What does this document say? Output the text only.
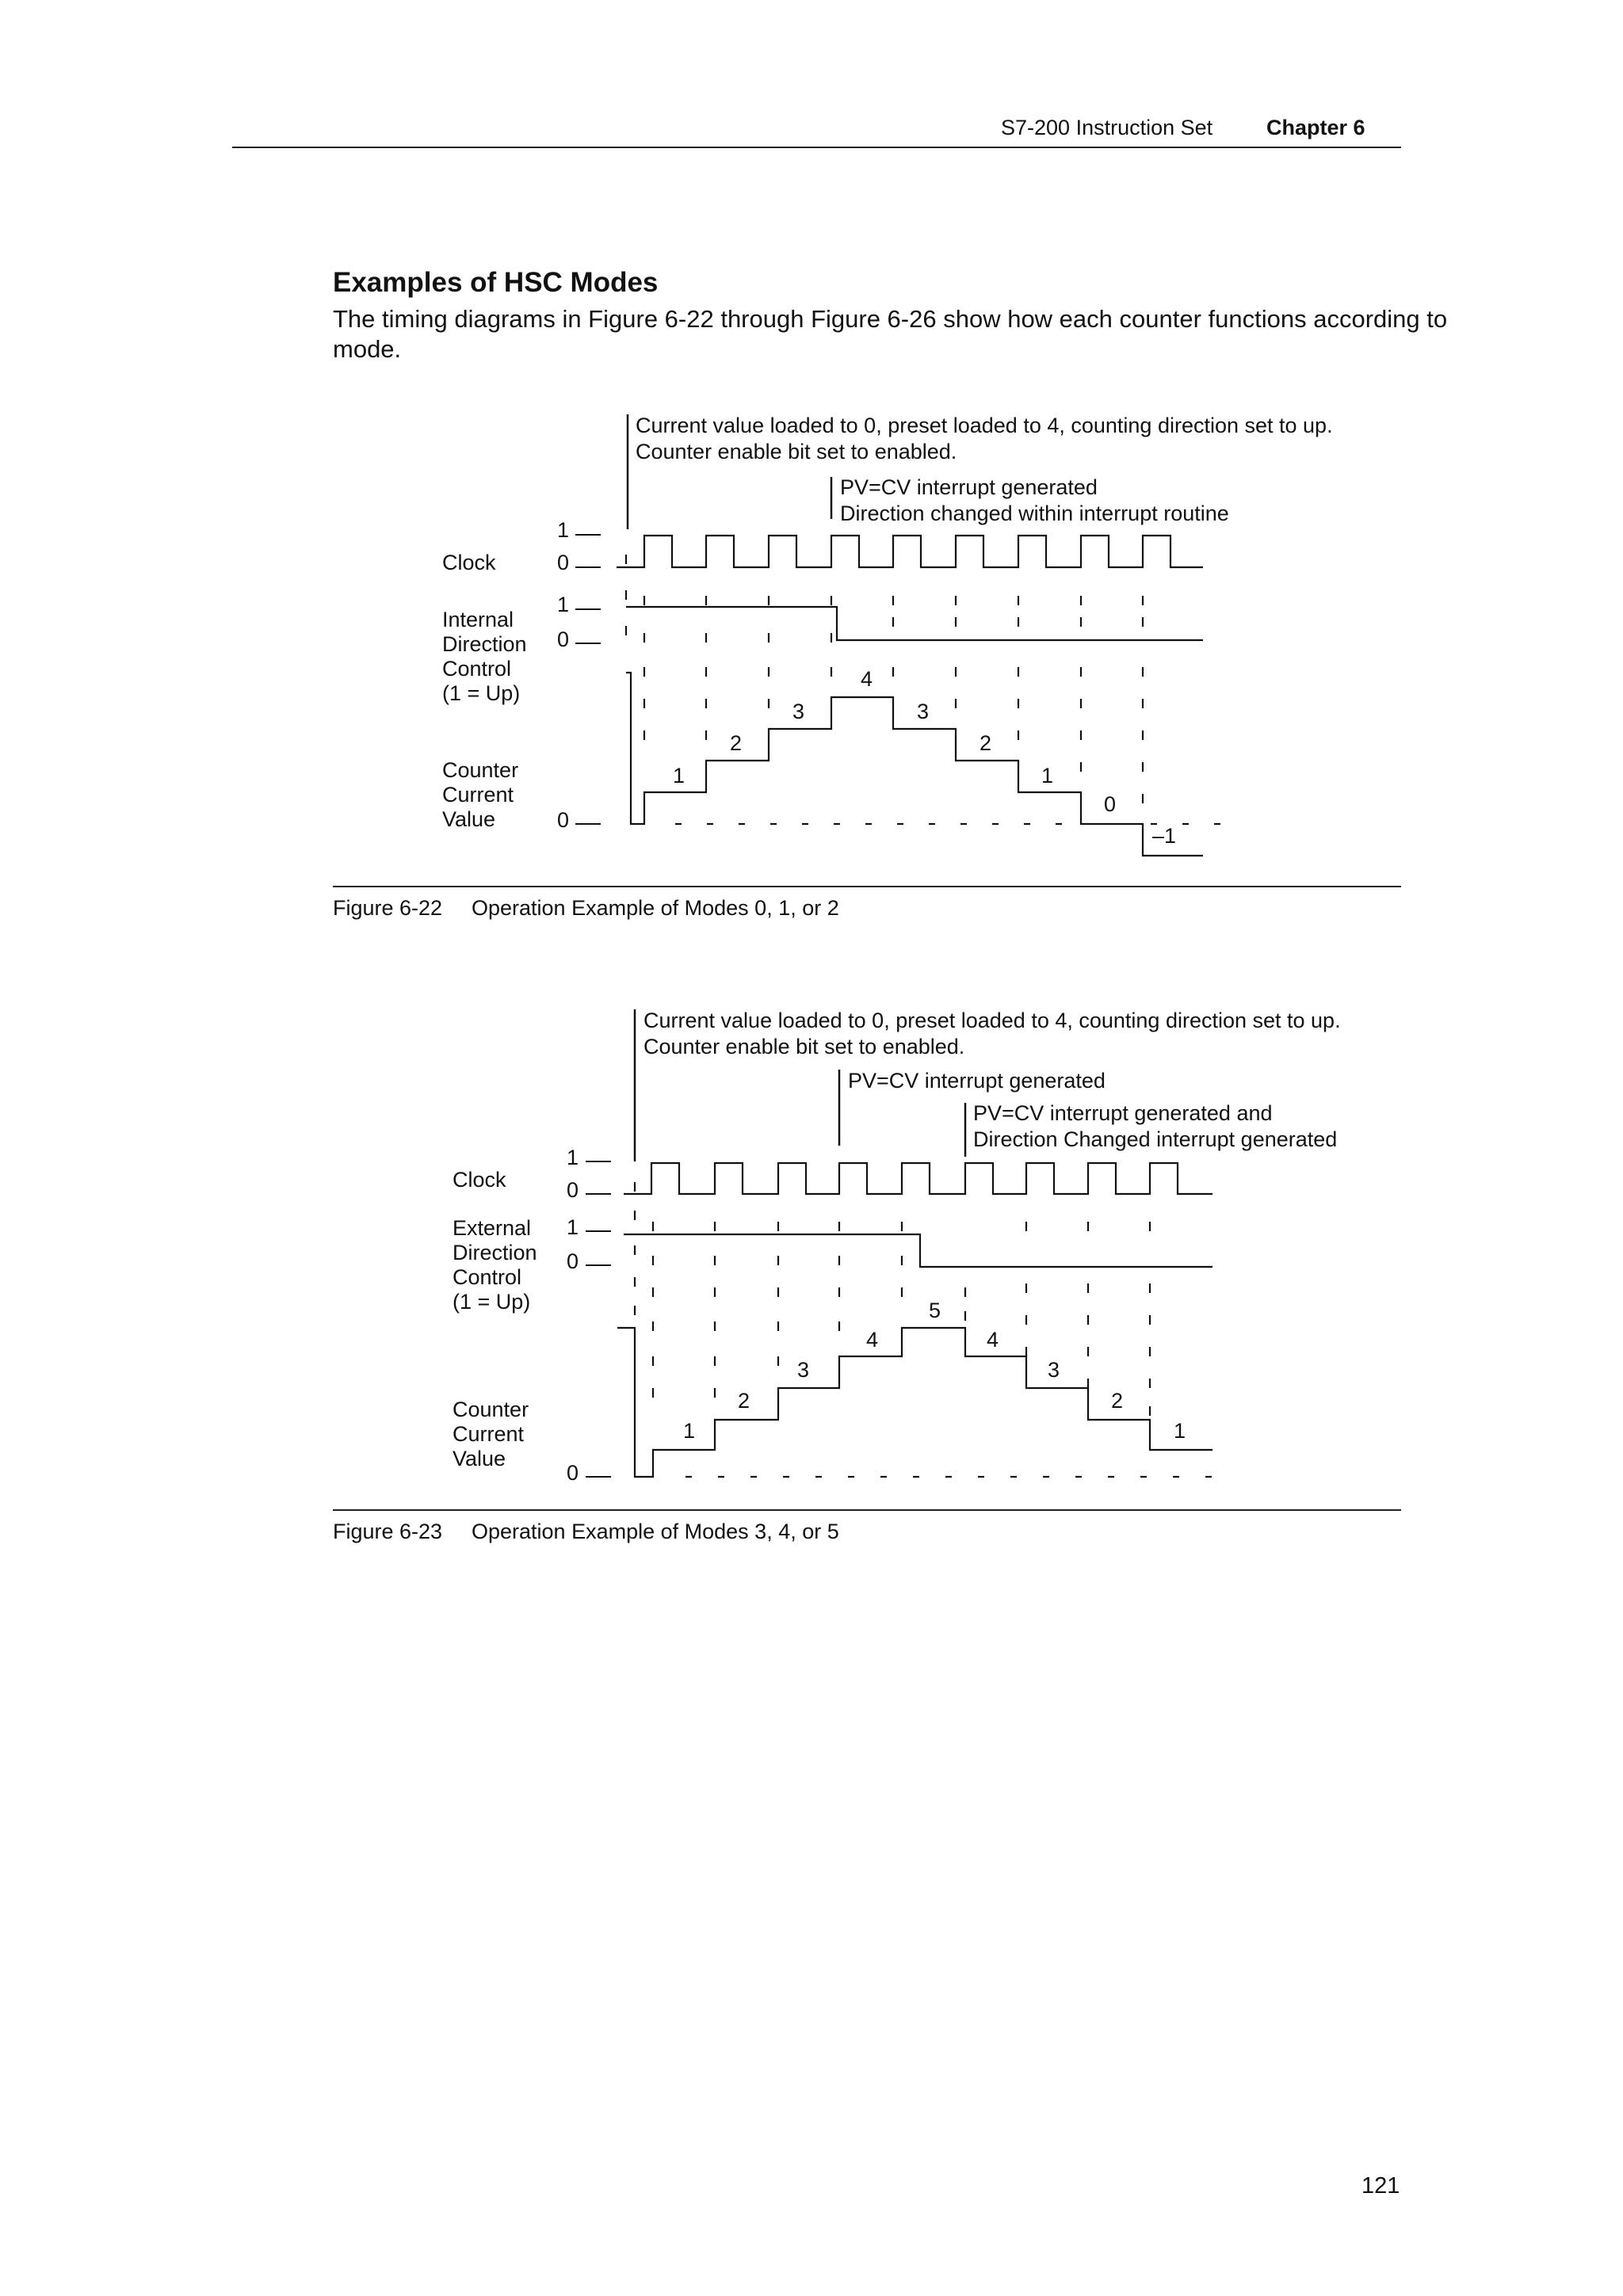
S7-200 Instruction Set	Chapter 6
Examples of HSC Modes
The timing diagrams in Figure 6-22 through Figure 6-26 show how each counter functions according to mode.
Current value loaded to 0, preset loaded to 4, counting direction set to up.
Counter enable bit set to enabled.
PV=CV interrupt generated
Direction changed within interrupt routine
Clock
Internal
Direction
Control
(1 = Up)
Counter
Current
Value
1
0
1
0
0
1
2
3
4
3
2
1
0
–1
Figure 6-22 Operation Example of Modes 0, 1, or 2
Current value loaded to 0, preset loaded to 4, counting direction set to up.
Counter enable bit set to enabled.
PV=CV interrupt generated
PV=CV interrupt generated and
Direction Changed interrupt generated
Clock
External
Direction
Control
(1 = Up)
Counter
Current
Value
1
0
1
0
0
1
2
3
4
5
4
3
2
1
Figure 6-23 Operation Example of Modes 3, 4, or 5
121
